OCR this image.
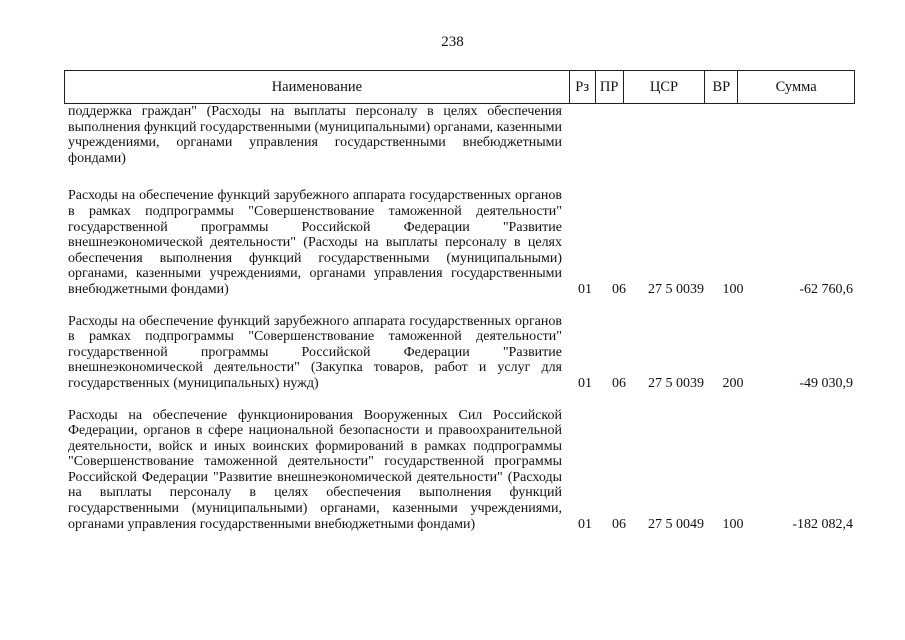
238
Наименование	Рз ПР	ЦСР	ВР	Сумма
поддержка граждан" (Расходы на выплаты персоналу в целях обеспечения выполнения функций государственными (муниципальными) органами, казенными учреждениями, органами управления государственными внебюджетными фондами)
Расходы на обеспечение функций зарубежного аппарата государственных органов в рамках подпрограммы "Совершенствование таможенной деятельности" государственной программы Российской Федерации "Развитие внешнеэкономической деятельности" (Расходы на выплаты персоналу в целях обеспечения выполнения функций государственными (муниципальными) органами, казенными учреждениями, органами управления государственными внебюджетными фондами)	01	06	27 5 0039	100	-62 760,6
Расходы на обеспечение функций зарубежного аппарата государственных органов в рамках подпрограммы "Совершенствование таможенной деятельности" государственной программы Российской Федерации "Развитие внешнеэкономической деятельности" (Закупка товаров, работ и услуг для государственных (муниципальных) нужд)	01	06	27 5 0039	200	-49 030,9
Расходы на обеспечение функционирования Вооруженных Сил Российской Федерации, органов в сфере национальной безопасности и правоохранительной деятельности, войск и иных воинских формирований в рамках подпрограммы "Совершенствование таможенной деятельности" государственной программы Российской Федерации "Развитие внешнеэкономической деятельности" (Расходы на выплаты персоналу в целях обеспечения выполнения функций государственными (муниципальными) органами, казенными учреждениями, органами управления государственными внебюджетными фондами)	01	06	27 5 0049	100	-182 082,4
